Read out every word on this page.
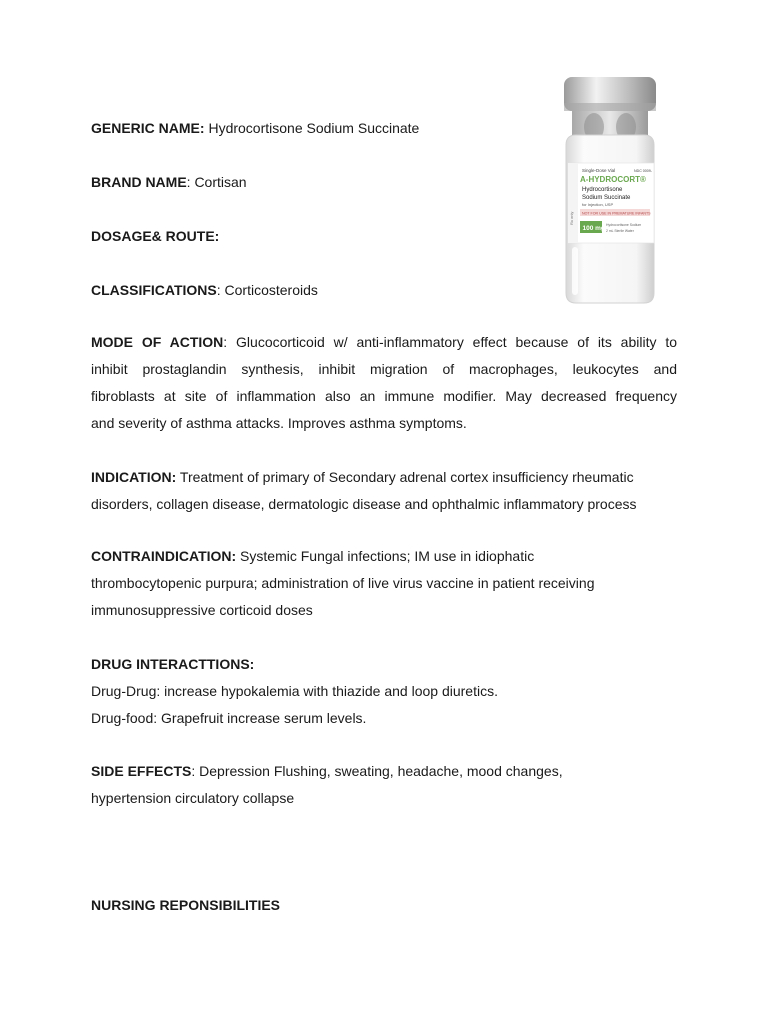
GENERIC NAME: Hydrocortisone Sodium Succinate
BRAND NAME: Cortisan
DOSAGE& ROUTE:
CLASSIFICATIONS: Corticosteroids
MODE OF ACTION: Glucocorticoid w/ anti-inflammatory effect because of its ability to
inhibit prostaglandin synthesis, inhibit migration of macrophages, leukocytes and
fibroblasts at site of inflammation also an immune modifier. May decreased frequency
and severity of asthma attacks. Improves asthma symptoms.
INDICATION: Treatment of primary of Secondary adrenal cortex insufficiency rheumatic
disorders, collagen disease, dermatologic disease and ophthalmic inflammatory process
CONTRAINDICATION: Systemic Fungal infections; IM use in idiophatic
thrombocytopenic purpura; administration of live virus vaccine in patient receiving
immunosuppressive corticoid doses
DRUG INTERACTTIONS:
Drug-Drug: increase hypokalemia with thiazide and loop diuretics.
Drug-food: Grapefruit increase serum levels.
SIDE EFFECTS: Depression Flushing, sweating, headache, mood changes,
hypertension circulatory collapse
NURSING REPONSIBILITIES
Rx only
Single-Dose Vial	NDC 0009-
A-HYDROCORT®
Hydrocortisone
Sodium Succinate
for Injection, USP
NOT FOR USE IN PREMATURE INFANTS
100 mg Hydrocortisone Sodium
2 mL Sterile Water
